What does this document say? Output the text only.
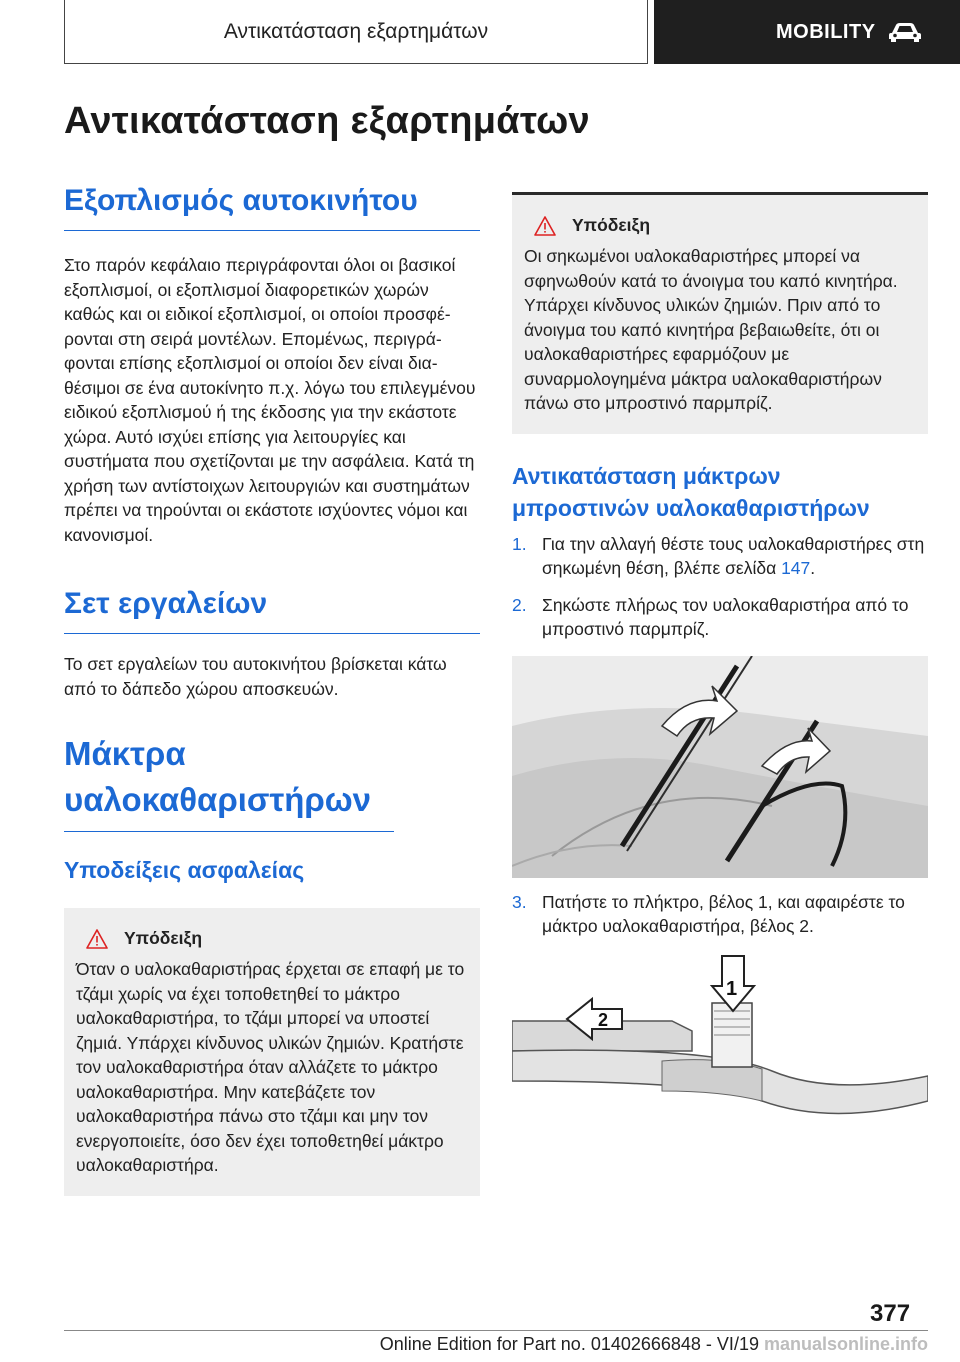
Αντικατάσταση εξαρτημάτων	MOBILITY
Αντικατάσταση εξαρτημάτων
Εξοπλισμός αυτοκινήτου

Στο παρόν κεφάλαιο περιγράφονται όλοι οι βασικοί εξοπλισμοί, οι εξοπλισμοί διαφορετικών χωρών καθώς και οι ειδικοί εξοπλισμοί, οι οποίοι προσφέρονται στη σειρά μοντέλων. Επομένως, περιγράφονται επίσης εξοπλισμοί οι οποίοι δεν είναι διαθέσιμοι σε ένα αυτοκίνητο π.χ. λόγω του επιλεγμένου ειδικού εξοπλισμού ή της έκδοσης για την εκάστοτε χώρα. Αυτό ισχύει επίσης για λειτουργίες και συστήματα που σχετίζονται με την ασφάλεια. Κατά τη χρήση των αντίστοιχων λειτουργιών και συστημάτων πρέπει να τηρούνται οι εκάστοτε ισχύοντες νόμοι και κανονισμοί.

Σετ εργαλείων

Το σετ εργαλείων του αυτοκινήτου βρίσκεται κάτω από το δάπεδο χώρου αποσκευών.

Μάκτρα υαλοκαθαριστήρων
Υποδείξεις ασφαλείας
Υπόδειξη

Όταν ο υαλοκαθαριστήρας έρχεται σε επαφή με το τζάμι χωρίς να έχει τοποθετηθεί το μάκτρο υαλοκαθαριστήρα, το τζάμι μπορεί να υποστεί ζημιά. Υπάρχει κίνδυνος υλικών ζημιών. Κρατήστε τον υαλοκαθαριστήρα όταν αλλάζετε το μάκτρο υαλοκαθαριστήρα. Μην κατεβάζετε τον υαλοκαθαριστήρα πάνω στο τζάμι και μην τον ενεργοποιείτε, όσο δεν έχει τοποθετηθεί μάκτρο υαλοκαθαριστήρα.

Υπόδειξη

Οι σηκωμένοι υαλοκαθαριστήρες μπορεί να σφηνωθούν κατά το άνοιγμα του καπό κινητήρα. Υπάρχει κίνδυνος υλικών ζημιών. Πριν από το άνοιγμα του καπό κινητήρα βεβαιωθείτε, ότι οι υαλοκαθαριστήρες εφαρμόζουν με συναρμολογημένα μάκτρα υαλοκαθαριστήρων πάνω στο μπροστινό παρμπρίζ.

Αντικατάσταση μάκτρων μπροστινών υαλοκαθαριστήρων
1. Για την αλλαγή θέστε τους υαλοκαθαριστήρες στη σηκωμένη θέση, βλέπε σελίδα 147.
2. Σηκώστε πλήρως τον υαλοκαθαριστήρα από το μπροστινό παρμπρίζ.
3. Πατήστε το πλήκτρο, βέλος 1, και αφαιρέστε το μάκτρο υαλοκαθαριστήρα, βέλος 2.
1
2
377
Online Edition for Part no. 01402666848 - VI/19 manualsonline.info
